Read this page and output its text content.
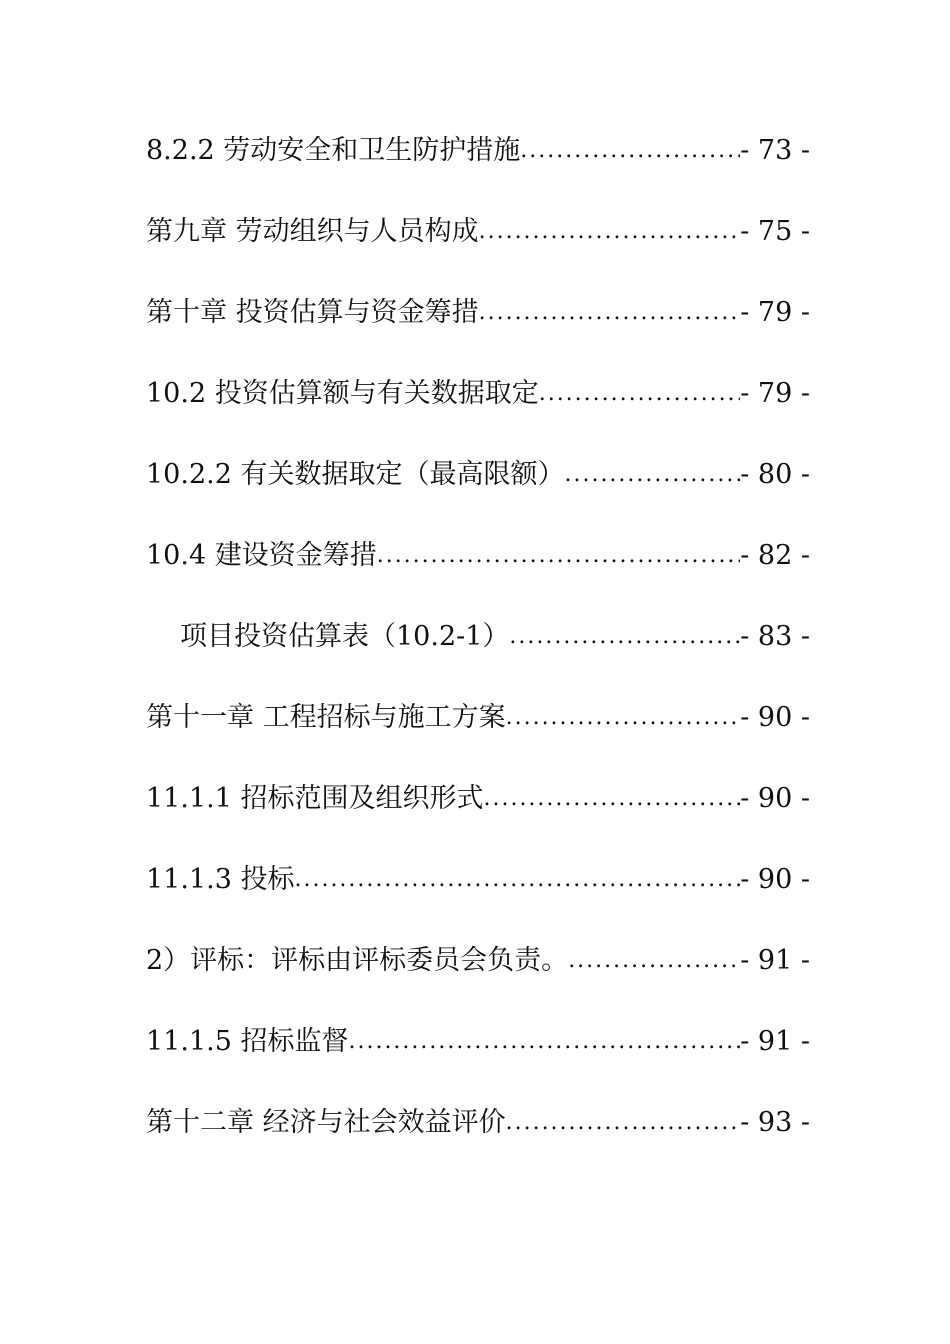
8.2.2 劳动安全和卫生防护措施 .....	- 73 -
第九章 劳动组织与人员构成 .....	- 75 -
第十章 投资估算与资金筹措 .....	- 79 -
10.2 投资估算额与有关数据取定 .....	- 79 -
10.2.2 有关数据取定（最高限额） .....	- 80 -
10.4 建设资金筹措 .....	- 82 -
项目投资估算表（10.2-1） .....	- 83 -
第十一章 工程招标与施工方案 .....	- 90 -
11.1.1 招标范围及组织形式 .....	- 90 -
11.1.3 投标 .....	- 90 -
2）评标：评标由评标委员会负责。 .....	- 91 -
11.1.5 招标监督 .....	- 91 -
第十二章 经济与社会效益评价 .....	- 93 -
